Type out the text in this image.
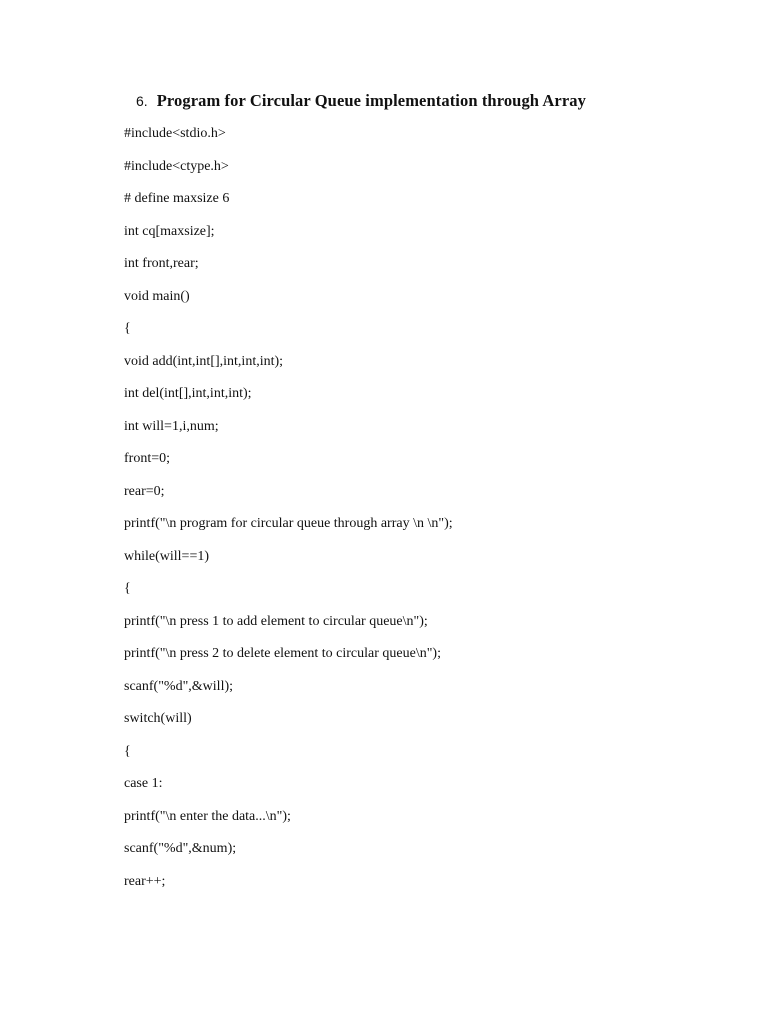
6. Program for Circular Queue implementation through Array
#include<stdio.h>
#include<ctype.h>
# define maxsize 6
int cq[maxsize];
int front,rear;
void main()
{
void add(int,int[],int,int,int);
int del(int[],int,int,int);
int will=1,i,num;
front=0;
rear=0;
printf("\n program for circular queue through array \n \n");
while(will==1)
{
printf("\n press 1 to add element to circular queue\n");
printf("\n press 2 to delete element to circular queue\n");
scanf("%d",&will);
switch(will)
{
case 1:
printf("\n enter the data...\n");
scanf("%d",&num);
rear++;
